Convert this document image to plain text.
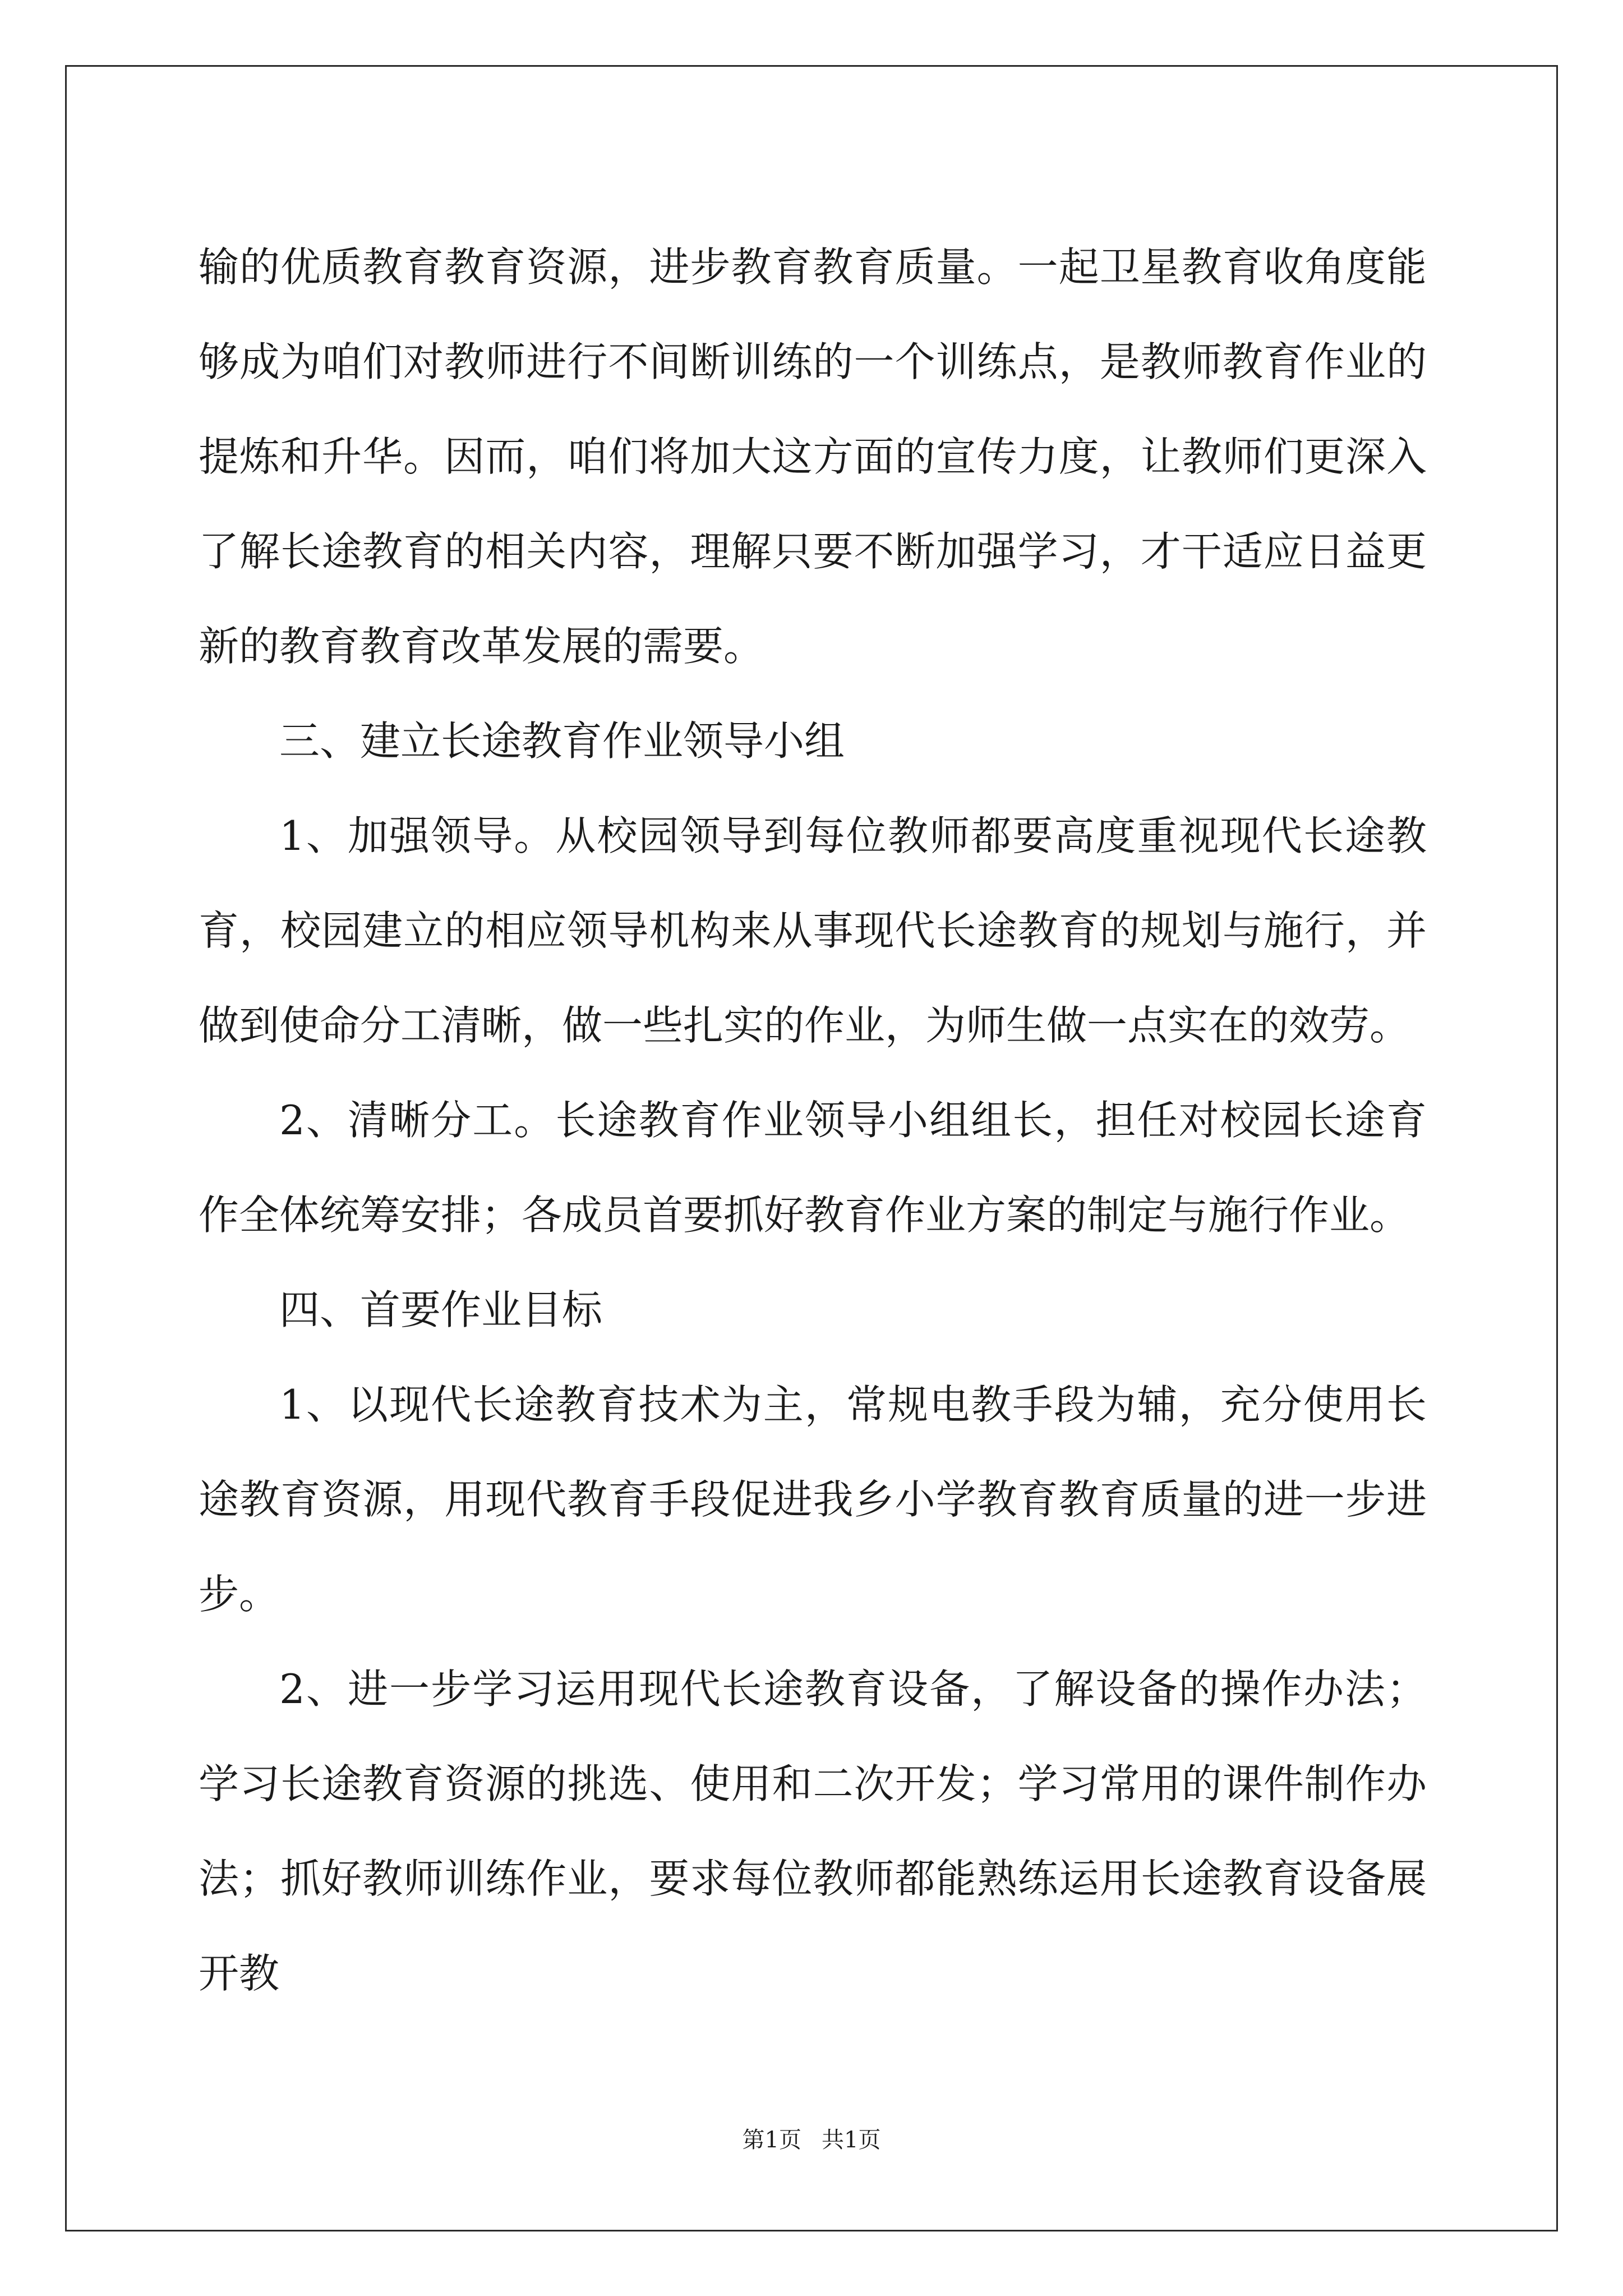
输的优质教育教育资源，进步教育教育质量。一起卫星教育收角度能够成为咱们对教师进行不间断训练的一个训练点，是教师教育作业的提炼和升华。因而，咱们将加大这方面的宣传力度，让教师们更深入了解长途教育的相关内容，理解只要不断加强学习，才干适应日益更新的教育教育改革发展的需要。

三、建立长途教育作业领导小组

1、加强领导。从校园领导到每位教师都要高度重视现代长途教育，校园建立的相应领导机构来从事现代长途教育的规划与施行，并做到使命分工清晰，做一些扎实的作业，为师生做一点实在的效劳。

2、清晰分工。长途教育作业领导小组组长，担任对校园长途育作全体统筹安排；各成员首要抓好教育作业方案的制定与施行作业。

四、首要作业目标

1、以现代长途教育技术为主，常规电教手段为辅，充分使用长途教育资源，用现代教育手段促进我乡小学教育教育质量的进一步进步。

2、进一步学习运用现代长途教育设备，了解设备的操作办法；学习长途教育资源的挑选、使用和二次开发；学习常用的课件制作办法；抓好教师训练作业，要求每位教师都能熟练运用长途教育设备展开教

第1页 共1页
